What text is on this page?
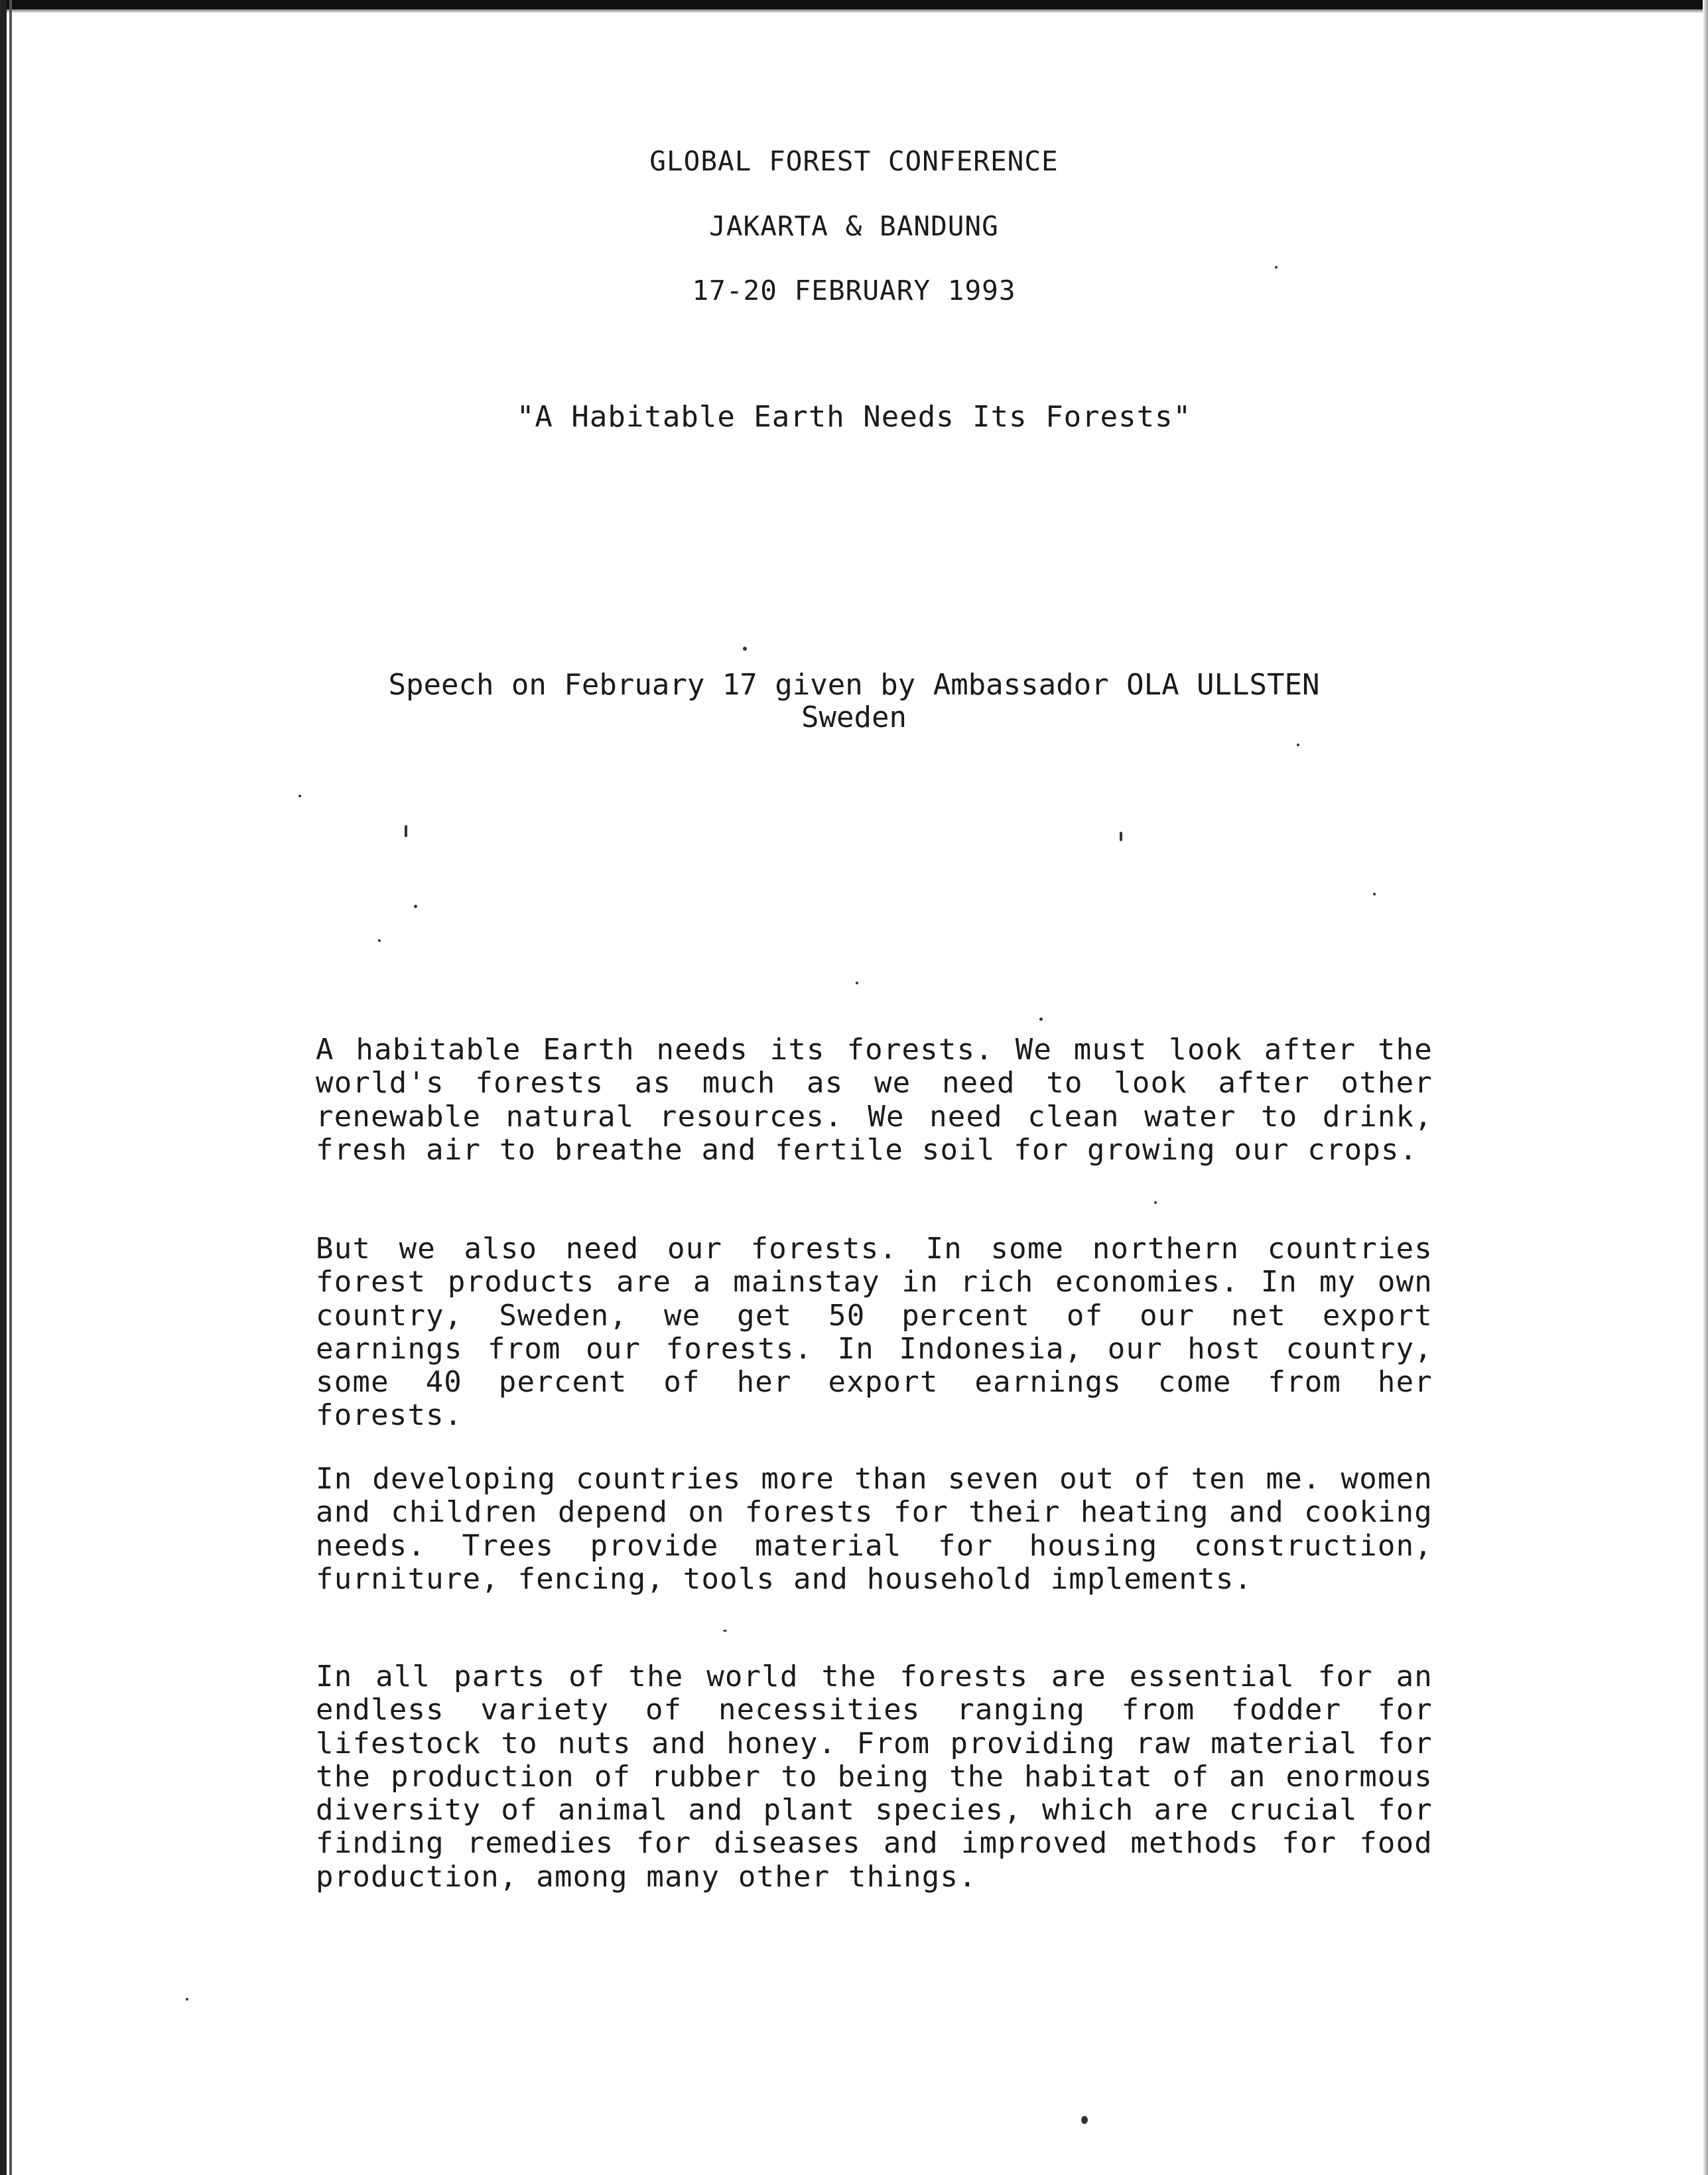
GLOBAL FOREST CONFERENCE
JAKARTA & BANDUNG
17-20 FEBRUARY 1993
"A Habitable Earth Needs Its Forests"
Speech on February 17 given by Ambassador OLA ULLSTEN
Sweden

A habitable Earth needs its forests. We must look after the world's forests as much as we need to look after other renewable natural resources. We need clean water to drink, fresh air to breathe and fertile soil for growing our crops.

But we also need our forests. In some northern countries forest products are a mainstay in rich economies. In my own country, Sweden, we get 50 percent of our net export earnings from our forests. In Indonesia, our host country, some 40 percent of her export earnings come from her forests.

In developing countries more than seven out of ten me. women and children depend on forests for their heating and cooking needs. Trees provide material for housing construction, furniture, fencing, tools and household implements.

In all parts of the world the forests are essential for an endless variety of necessities ranging from fodder for lifestock to nuts and honey. From providing raw material for the production of rubber to being the habitat of an enormous diversity of animal and plant species, which are crucial for finding remedies for diseases and improved methods for food production, among many other things.
